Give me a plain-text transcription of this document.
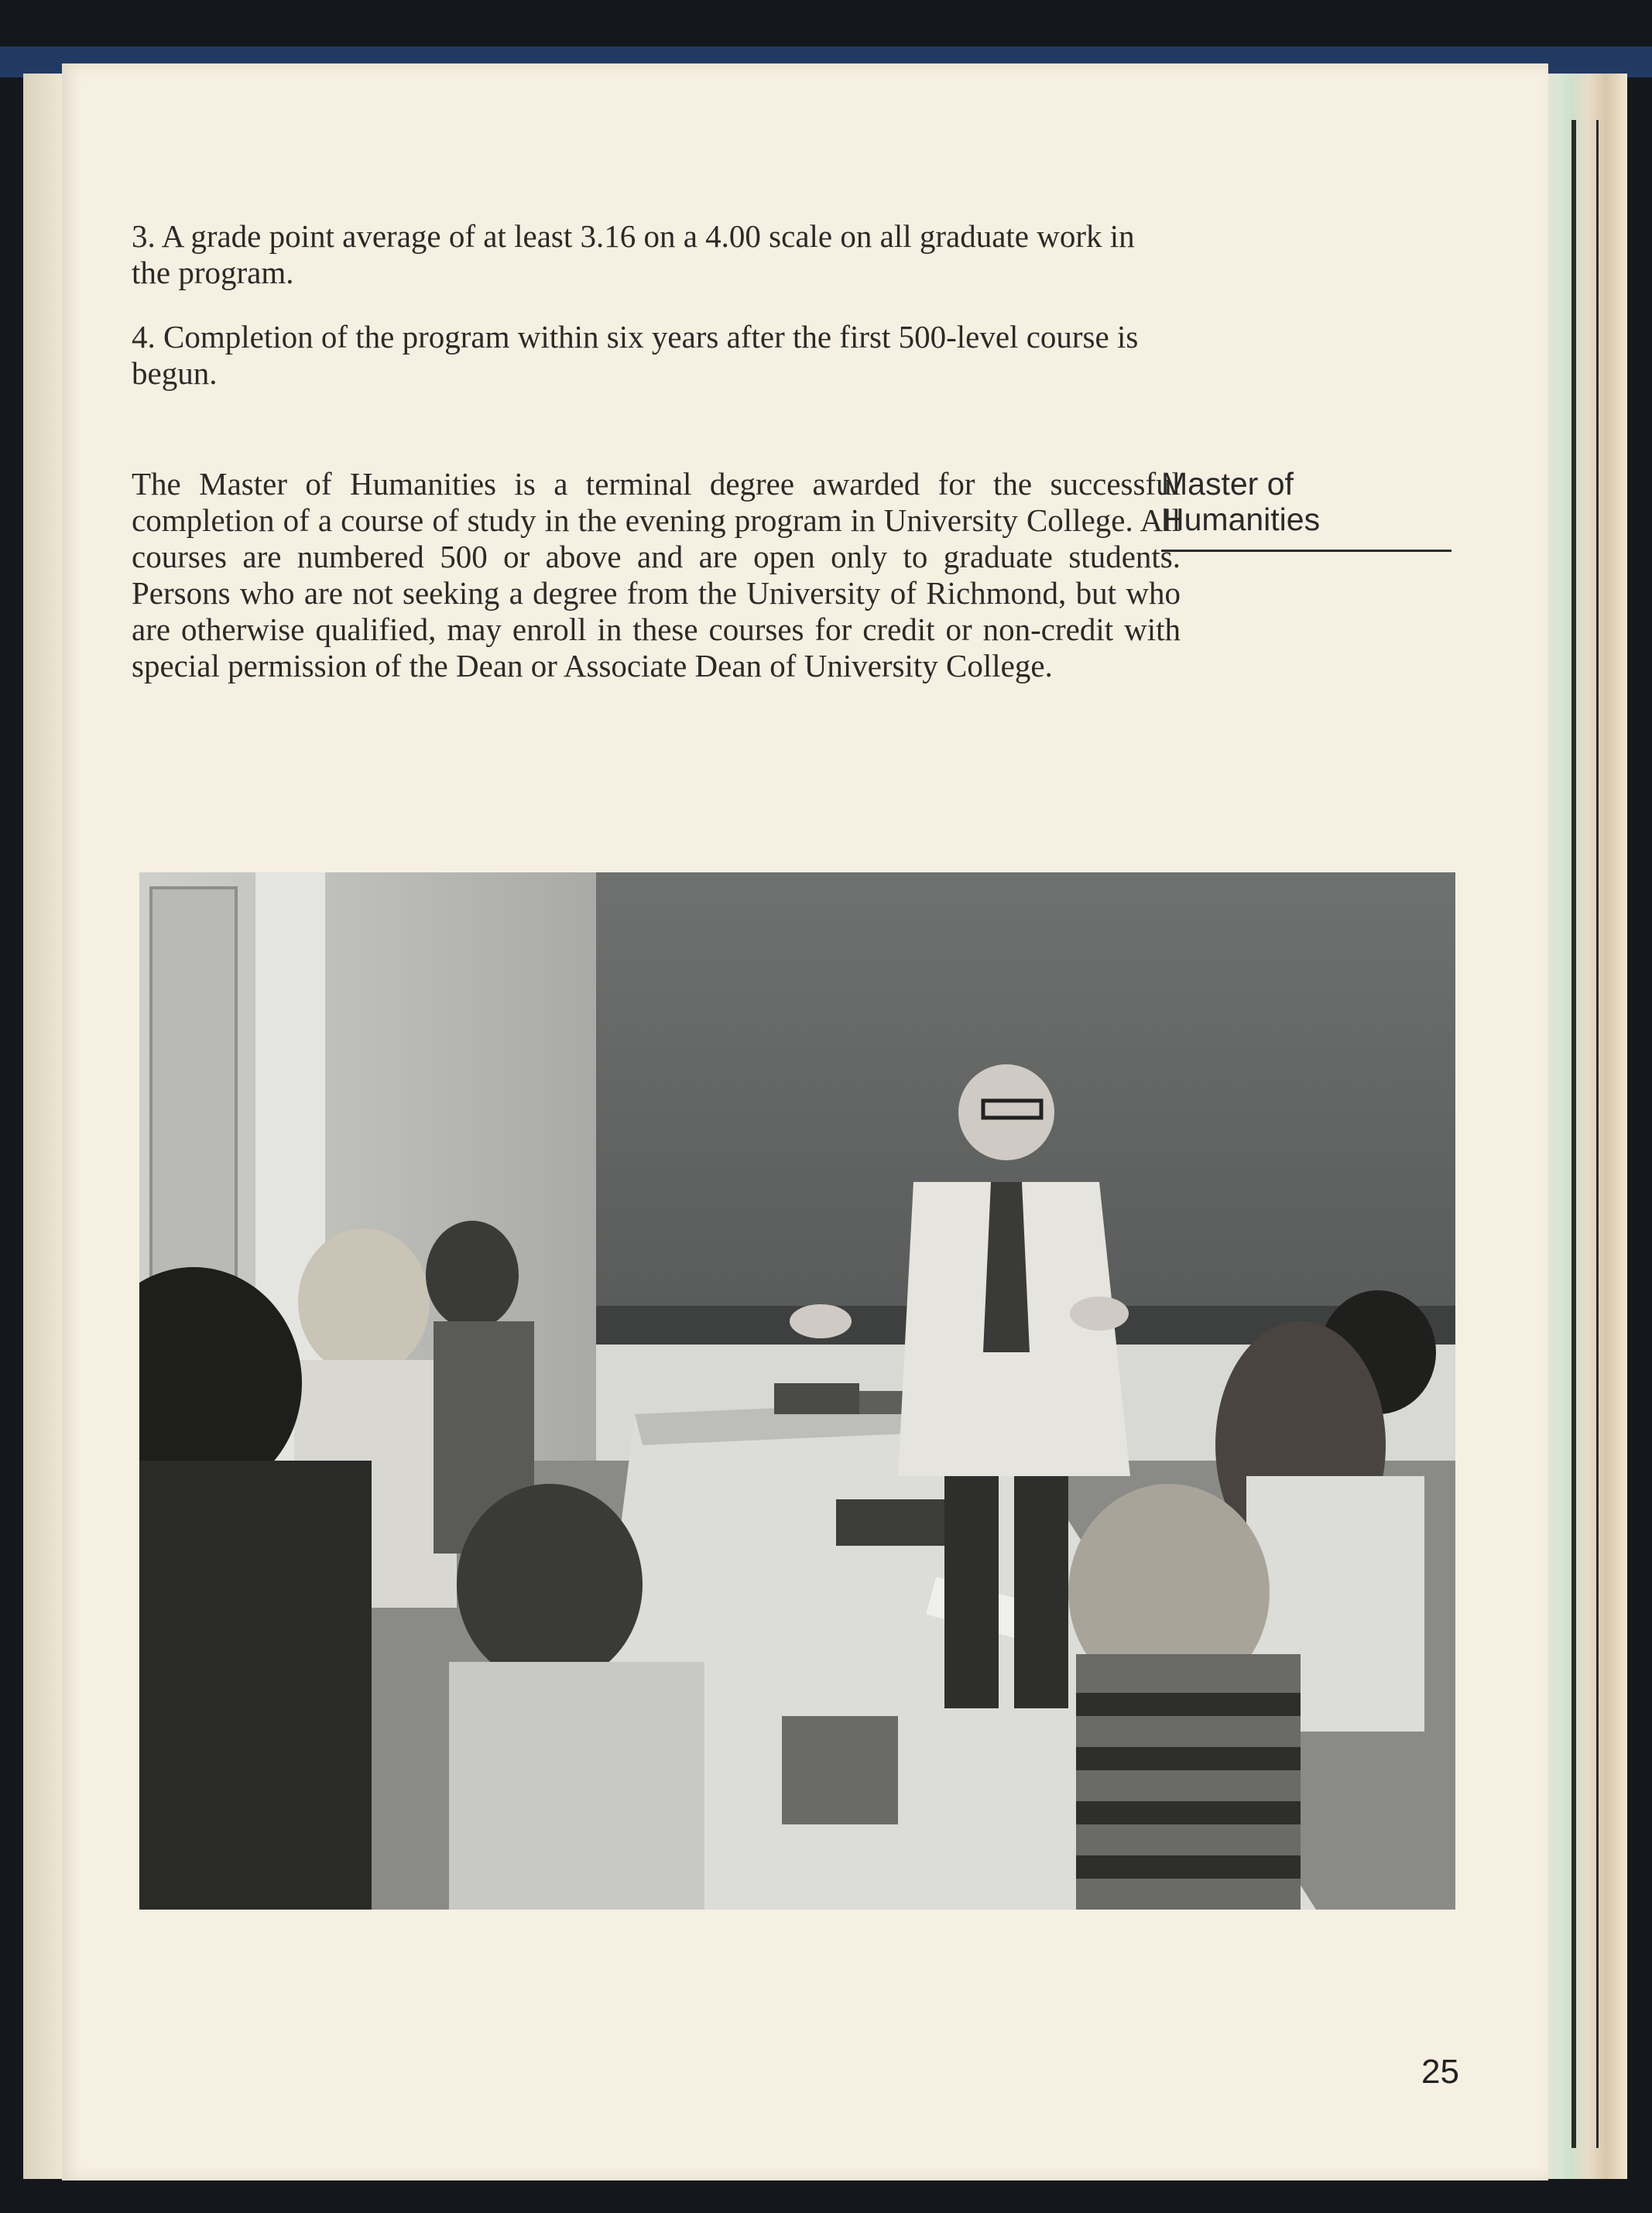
3. A grade point average of at least 3.16 on a 4.00 scale on all graduate work in the program.
4. Completion of the program within six years after the first 500-level course is begun.
The Master of Humanities is a terminal degree awarded for the successful completion of a course of study in the evening program in University College. All courses are numbered 500 or above and are open only to graduate students. Persons who are not seeking a degree from the University of Richmond, but who are otherwise qualified, may enroll in these courses for credit or non-credit with special permission of the Dean or Associate Dean of University College.
Master of
Humanities
25
